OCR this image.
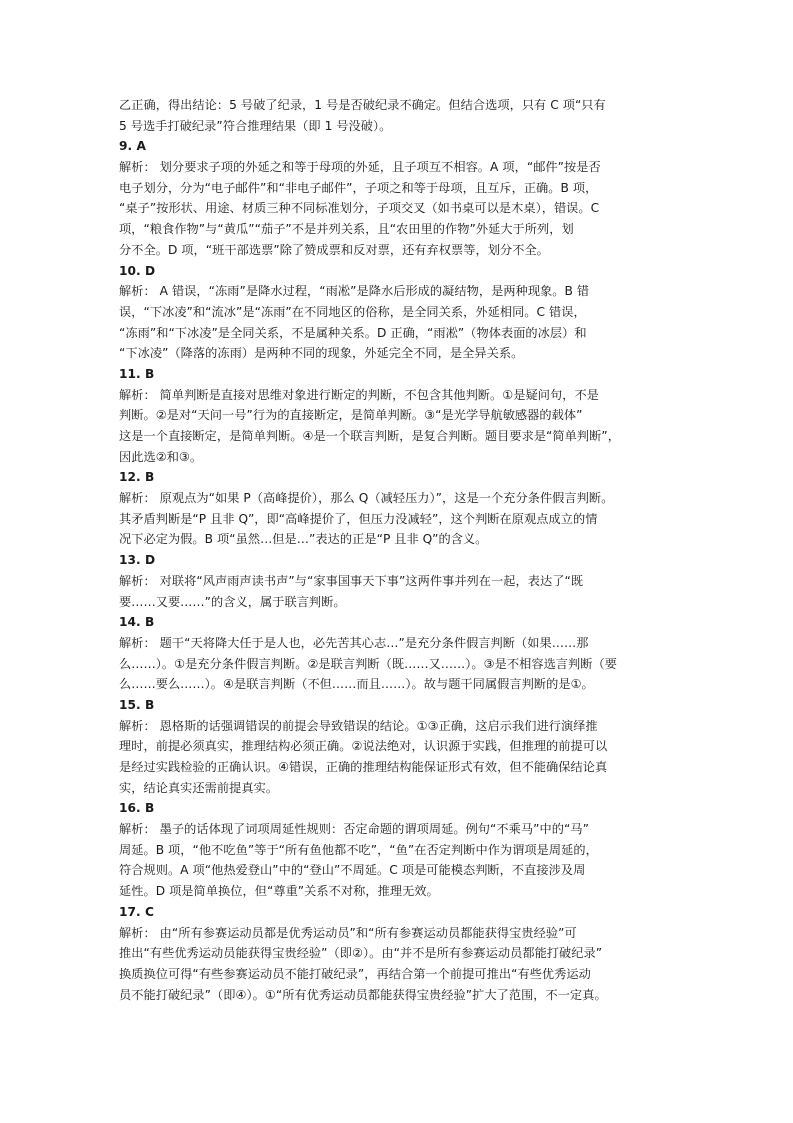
乙正确，得出结论：5 号破了纪录，1 号是否破纪录不确定。但结合选项，只有 C 项“只有
5 号选手打破纪录”符合推理结果（即 1 号没破）。
9. A
解析： 划分要求子项的外延之和等于母项的外延，且子项互不相容。A 项，“邮件”按是否
电子划分，分为“电子邮件”和“非电子邮件”，子项之和等于母项，且互斥，正确。B 项，
“桌子”按形状、用途、材质三种不同标准划分，子项交叉（如书桌可以是木桌），错误。C
项，“粮食作物”与“黄瓜”“茄子”不是并列关系，且“农田里的作物”外延大于所列，划
分不全。D 项，“班干部选票”除了赞成票和反对票，还有弃权票等，划分不全。
10. D
解析： A 错误，“冻雨”是降水过程，“雨凇”是降水后形成的凝结物，是两种现象。B 错
误，“下冰凌”和“流冰”是“冻雨”在不同地区的俗称，是全同关系，外延相同。C 错误，
“冻雨”和“下冰凌”是全同关系，不是属种关系。D 正确，“雨凇”（物体表面的冰层）和
“下冰凌”（降落的冻雨）是两种不同的现象，外延完全不同，是全异关系。
11. B
解析： 简单判断是直接对思维对象进行断定的判断，不包含其他判断。①是疑问句，不是
判断。②是对“天问一号”行为的直接断定，是简单判断。③“是光学导航敏感器的载体”
这是一个直接断定，是简单判断。④是一个联言判断，是复合判断。题目要求是“简单判断”，
因此选②和③。
12. B
解析： 原观点为“如果 P（高峰提价），那么 Q（减轻压力）”，这是一个充分条件假言判断。
其矛盾判断是“P 且非 Q”，即“高峰提价了，但压力没减轻”，这个判断在原观点成立的情
况下必定为假。B 项“虽然…但是…”表达的正是“P 且非 Q”的含义。
13. D
解析： 对联将“风声雨声读书声”与“家事国事天下事”这两件事并列在一起，表达了“既
要……又要……”的含义，属于联言判断。
14. B
解析： 题干“天将降大任于是人也，必先苦其心志…”是充分条件假言判断（如果……那
么……）。①是充分条件假言判断。②是联言判断（既……又……）。③是不相容选言判断（要
么……要么……）。④是联言判断（不但……而且……）。故与题干同属假言判断的是①。
15. B
解析： 恩格斯的话强调错误的前提会导致错误的结论。①③正确，这启示我们进行演绎推
理时，前提必须真实，推理结构必须正确。②说法绝对，认识源于实践，但推理的前提可以
是经过实践检验的正确认识。④错误，正确的推理结构能保证形式有效，但不能确保结论真
实，结论真实还需前提真实。
16. B
解析： 墨子的话体现了词项周延性规则：否定命题的谓项周延。例句“不乘马”中的“马”
周延。B 项，“他不吃鱼”等于“所有鱼他都不吃”，“鱼”在否定判断中作为谓项是周延的，
符合规则。A 项“他热爱登山”中的“登山”不周延。C 项是可能模态判断，不直接涉及周
延性。D 项是简单换位，但“尊重”关系不对称，推理无效。
17. C
解析： 由“所有参赛运动员都是优秀运动员”和“所有参赛运动员都能获得宝贵经验”可
推出“有些优秀运动员能获得宝贵经验”（即②）。由“并不是所有参赛运动员都能打破纪录”
换质换位可得“有些参赛运动员不能打破纪录”，再结合第一个前提可推出“有些优秀运动
员不能打破纪录”（即④）。①“所有优秀运动员都能获得宝贵经验”扩大了范围，不一定真。
